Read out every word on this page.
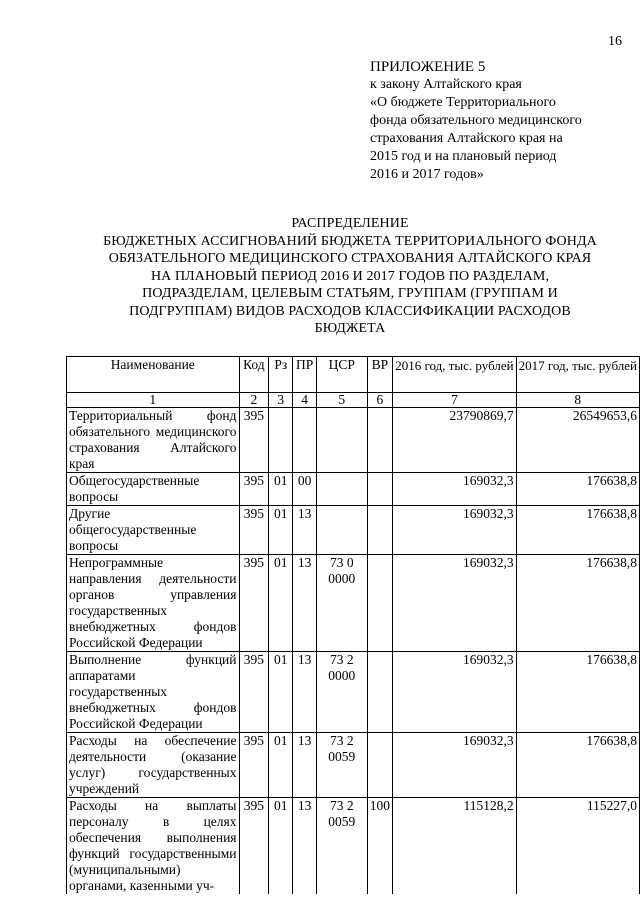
16
ПРИЛОЖЕНИЕ 5
к закону Алтайского края
«О бюджете Территориального
фонда обязательного медицинского
страхования Алтайского края на
2015 год и на плановый период
2016 и 2017 годов»
РАСПРЕДЕЛЕНИЕ
БЮДЖЕТНЫХ АССИГНОВАНИЙ БЮДЖЕТА ТЕРРИТОРИАЛЬНОГО ФОНДА
ОБЯЗАТЕЛЬНОГО МЕДИЦИНСКОГО СТРАХОВАНИЯ АЛТАЙСКОГО КРАЯ
НА ПЛАНОВЫЙ ПЕРИОД 2016 И 2017 ГОДОВ ПО РАЗДЕЛАМ,
ПОДРАЗДЕЛАМ, ЦЕЛЕВЫМ СТАТЬЯМ, ГРУППАМ (ГРУППАМ И
ПОДГРУППАМ) ВИДОВ РАСХОДОВ КЛАССИФИКАЦИИ РАСХОДОВ
БЮДЖЕТА
Наименование	Код	Рз	ПР	ЦСР	ВР	2016 год, тыс. рублей	2017 год, тыс. рублей
1	2	3	4	5	6	7	8
Территориальный фонд обязательного медицинского страхования Алтайского края	395					23790869,7	26549653,6
Общегосударственные вопросы	395	01	00			169032,3	176638,8
Другие общегосударственные вопросы	395	01	13			169032,3	176638,8
Непрограммные направления деятельности органов управления государственных внебюджетных фондов Российской Федерации	395	01	13	73 0 0000		169032,3	176638,8
Выполнение функций аппаратами государственных внебюджетных фондов Российской Федерации	395	01	13	73 2 0000		169032,3	176638,8
Расходы на обеспечение деятельности (оказание услуг) государственных учреждений	395	01	13	73 2 0059		169032,3	176638,8
Расходы на выплаты персоналу в целях обеспечения выполнения функций государственными (муниципальными) органами, казенными уч-	395	01	13	73 2 0059	100	115128,2	115227,0
